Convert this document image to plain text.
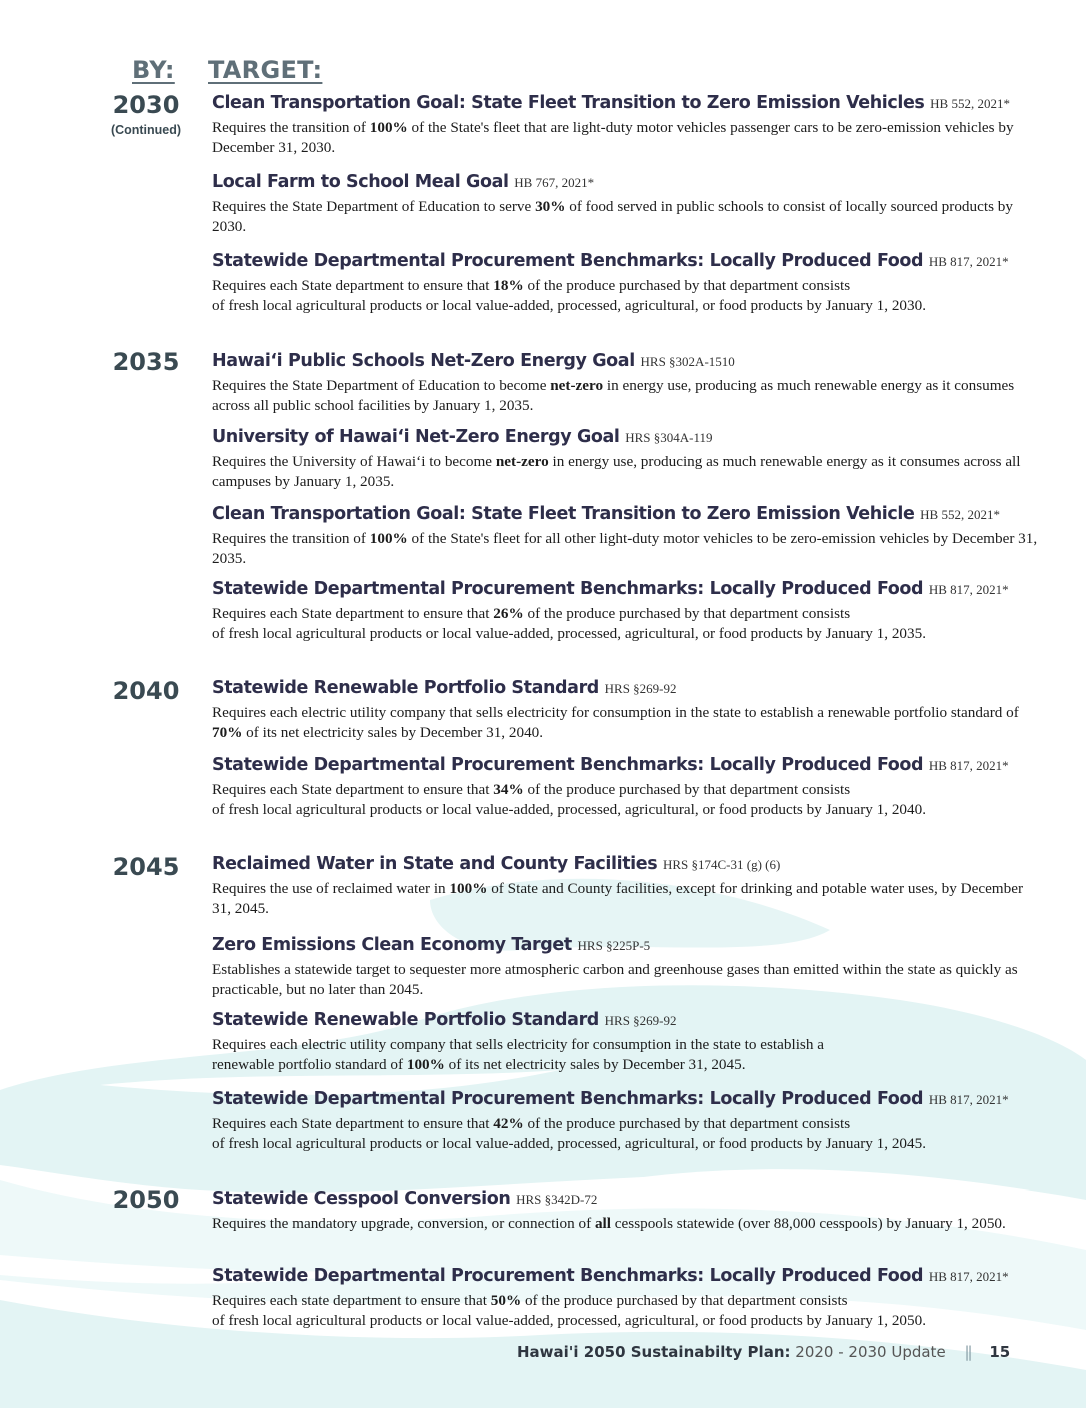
BY: TARGET:
2030
(Continued)
2035
2040
2045
2050
Clean Transportation Goal: State Fleet Transition to Zero Emission Vehicles HB 552, 2021*
Requires the transition of 100% of the State's fleet that are light-duty motor vehicles passenger cars to be zero-emission vehicles by December 31, 2030.
Local Farm to School Meal Goal HB 767, 2021*
Requires the State Department of Education to serve 30% of food served in public schools to consist of locally sourced products by 2030.
Statewide Departmental Procurement Benchmarks: Locally Produced Food HB 817, 2021*
Requires each State department to ensure that 18% of the produce purchased by that department consists
of fresh local agricultural products or local value-added, processed, agricultural, or food products by January 1, 2030.
Hawai‘i Public Schools Net-Zero Energy Goal HRS §302A-1510
Requires the State Department of Education to become net-zero in energy use, producing as much renewable energy as it consumes across all public school facilities by January 1, 2035.
University of Hawai‘i Net-Zero Energy Goal HRS §304A-119
Requires the University of Hawai‘i to become net-zero in energy use, producing as much renewable energy as it consumes across all campuses by January 1, 2035.
Clean Transportation Goal: State Fleet Transition to Zero Emission Vehicle HB 552, 2021*
Requires the transition of 100% of the State's fleet for all other light-duty motor vehicles to be zero-emission vehicles by December 31, 2035.
Statewide Departmental Procurement Benchmarks: Locally Produced Food HB 817, 2021*
Requires each State department to ensure that 26% of the produce purchased by that department consists
of fresh local agricultural products or local value-added, processed, agricultural, or food products by January 1, 2035.
Statewide Renewable Portfolio Standard HRS §269-92
Requires each electric utility company that sells electricity for consumption in the state to establish a renewable portfolio standard of 70% of its net electricity sales by December 31, 2040.
Statewide Departmental Procurement Benchmarks: Locally Produced Food HB 817, 2021*
Requires each State department to ensure that 34% of the produce purchased by that department consists
of fresh local agricultural products or local value-added, processed, agricultural, or food products by January 1, 2040.
Reclaimed Water in State and County Facilities HRS §174C-31 (g) (6)
Requires the use of reclaimed water in 100% of State and County facilities, except for drinking and potable water uses, by December 31, 2045.
Zero Emissions Clean Economy Target HRS §225P-5
Establishes a statewide target to sequester more atmospheric carbon and greenhouse gases than emitted within the state as quickly as practicable, but no later than 2045.
Statewide Renewable Portfolio Standard HRS §269-92
Requires each electric utility company that sells electricity for consumption in the state to establish a
renewable portfolio standard of 100% of its net electricity sales by December 31, 2045.
Statewide Departmental Procurement Benchmarks: Locally Produced Food HB 817, 2021*
Requires each State department to ensure that 42% of the produce purchased by that department consists
of fresh local agricultural products or local value-added, processed, agricultural, or food products by January 1, 2045.
Statewide Cesspool Conversion HRS §342D-72
Requires the mandatory upgrade, conversion, or connection of all cesspools statewide (over 88,000 cesspools) by January 1, 2050.
Statewide Departmental Procurement Benchmarks: Locally Produced Food HB 817, 2021*
Requires each state department to ensure that 50% of the produce purchased by that department consists
of fresh local agricultural products or local value-added, processed, agricultural, or food products by January 1, 2050.
Hawai'i 2050 Sustainabilty Plan: 2020 - 2030 Update || 15
